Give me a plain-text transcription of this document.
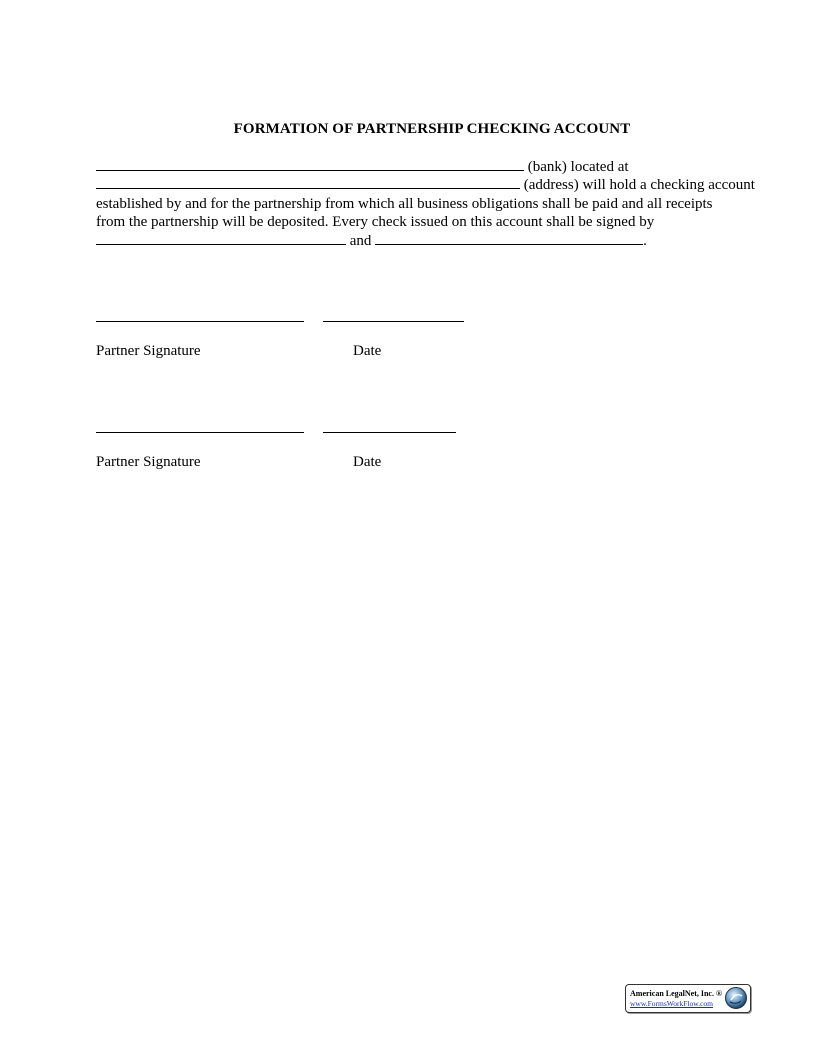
FORMATION OF PARTNERSHIP CHECKING ACCOUNT
(bank) located at
(address) will hold a checking account
established by and for the partnership from which all business obligations shall be paid and all receipts
from the partnership will be deposited. Every check issued on this account shall be signed by
and	.
Partner Signature	Date
Partner Signature	Date
American LegalNet, Inc. ®
www.FormsWorkFlow.com
